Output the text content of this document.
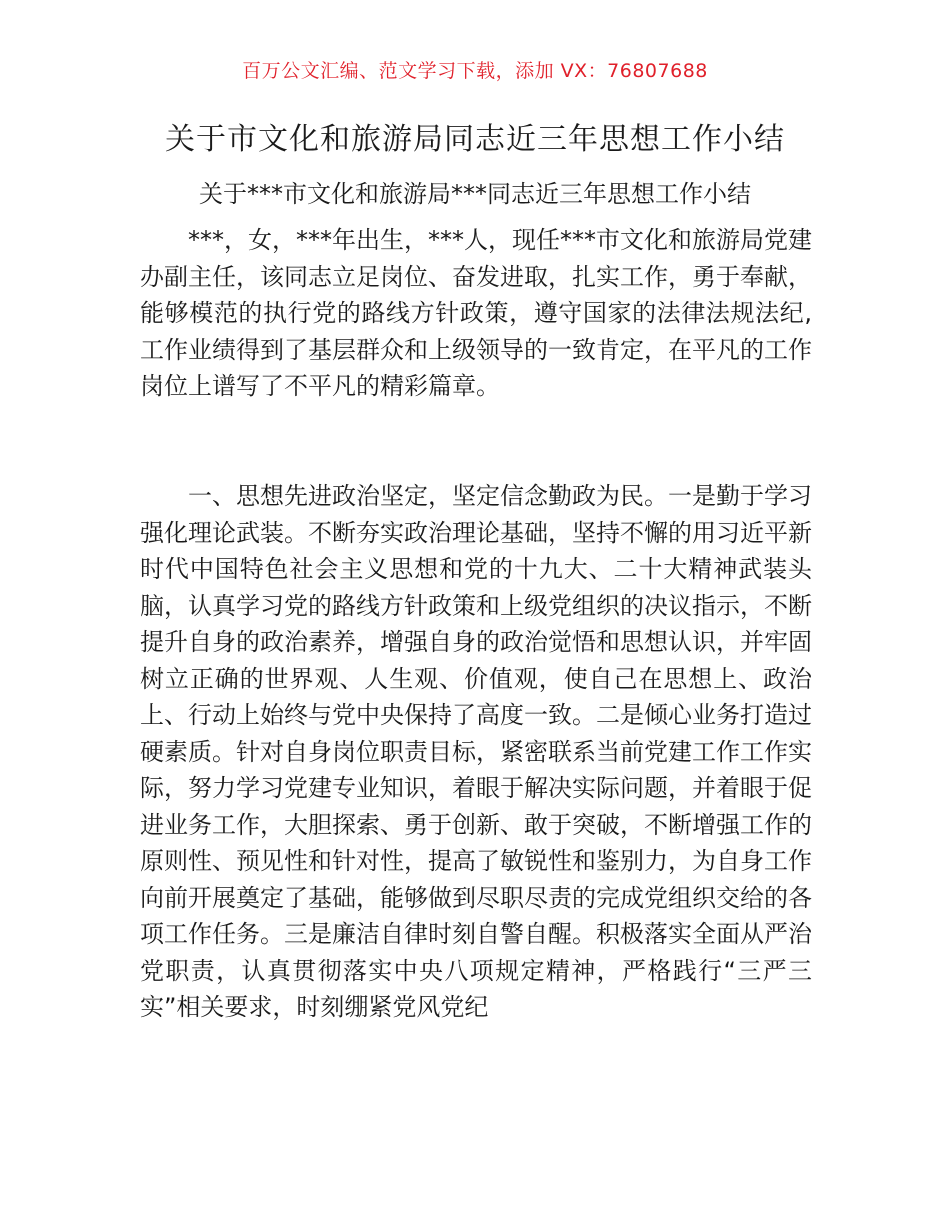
百万公文汇编、范文学习下载，添加 VX：76807688
关于市文化和旅游局同志近三年思想工作小结
关于***市文化和旅游局***同志近三年思想工作小结

***，女，***年出生，***人，现任***市文化和旅游局党建办副主任，该同志立足岗位、奋发进取，扎实工作，勇于奉献，能够模范的执行党的路线方针政策，遵守国家的法律法规法纪,工作业绩得到了基层群众和上级领导的一致肯定，在平凡的工作岗位上谱写了不平凡的精彩篇章。

一、思想先进政治坚定，坚定信念勤政为民。一是勤于学习强化理论武装。不断夯实政治理论基础，坚持不懈的用习近平新时代中国特色社会主义思想和党的十九大、二十大精神武装头脑，认真学习党的路线方针政策和上级党组织的决议指示，不断提升自身的政治素养，增强自身的政治觉悟和思想认识，并牢固树立正确的世界观、人生观、价值观，使自己在思想上、政治上、行动上始终与党中央保持了高度一致。二是倾心业务打造过硬素质。针对自身岗位职责目标，紧密联系当前党建工作工作实际，努力学习党建专业知识，着眼于解决实际问题，并着眼于促进业务工作，大胆探索、勇于创新、敢于突破，不断增强工作的原则性、预见性和针对性，提高了敏锐性和鉴别力，为自身工作向前开展奠定了基础，能够做到尽职尽责的完成党组织交给的各项工作任务。三是廉洁自律时刻自警自醒。积极落实全面从严治党职责，认真贯彻落实中央八项规定精神，严格践行“三严三实”相关要求，时刻绷紧党风党纪
